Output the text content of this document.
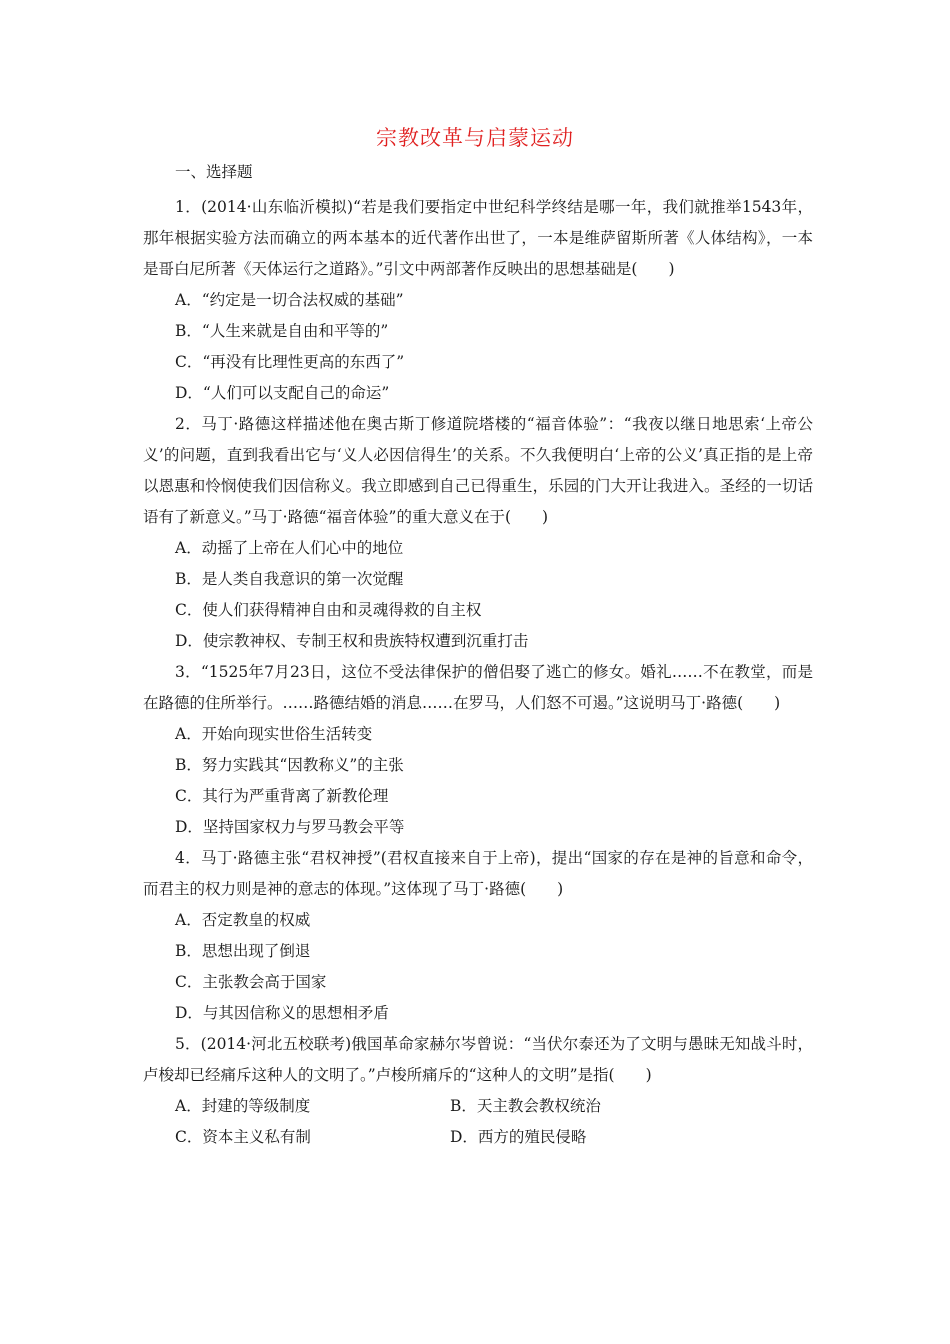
宗教改革与启蒙运动
一、选择题

1．(2014·山东临沂模拟)“若是我们要指定中世纪科学终结是哪一年，我们就推举1543年，那年根据实验方法而确立的两本基本的近代著作出世了，一本是维萨留斯所著《人体结构》，一本是哥白尼所著《天体运行之道路》。”引文中两部著作反映出的思想基础是(　　)

A．“约定是一切合法权威的基础”

B．“人生来就是自由和平等的”

C．“再没有比理性更高的东西了”

D．“人们可以支配自己的命运”

2．马丁·路德这样描述他在奥古斯丁修道院塔楼的“福音体验”：“我夜以继日地思索‘上帝公义’的问题，直到我看出它与‘义人必因信得生’的关系。不久我便明白‘上帝的公义’真正指的是上帝以恩惠和怜悯使我们因信称义。我立即感到自己已得重生，乐园的门大开让我进入。圣经的一切话语有了新意义。”马丁·路德“福音体验”的重大意义在于(　　)

A．动摇了上帝在人们心中的地位

B．是人类自我意识的第一次觉醒

C．使人们获得精神自由和灵魂得救的自主权

D．使宗教神权、专制王权和贵族特权遭到沉重打击

3．“1525年7月23日，这位不受法律保护的僧侣娶了逃亡的修女。婚礼……不在教堂，而是在路德的住所举行。……路德结婚的消息……在罗马，人们怒不可遏。”这说明马丁·路德(　　)

A．开始向现实世俗生活转变

B．努力实践其“因教称义”的主张

C．其行为严重背离了新教伦理

D．坚持国家权力与罗马教会平等

4．马丁·路德主张“君权神授”(君权直接来自于上帝)，提出“国家的存在是神的旨意和命令，而君主的权力则是神的意志的体现。”这体现了马丁·路德(　　)

A．否定教皇的权威

B．思想出现了倒退

C．主张教会高于国家

D．与其因信称义的思想相矛盾

5．(2014·河北五校联考)俄国革命家赫尔岑曾说：“当伏尔泰还为了文明与愚昧无知战斗时，卢梭却已经痛斥这种人的文明了。”卢梭所痛斥的“这种人的文明”是指(　　)

A．封建的等级制度	B．天主教会教权统治

C．资本主义私有制	D．西方的殖民侵略
